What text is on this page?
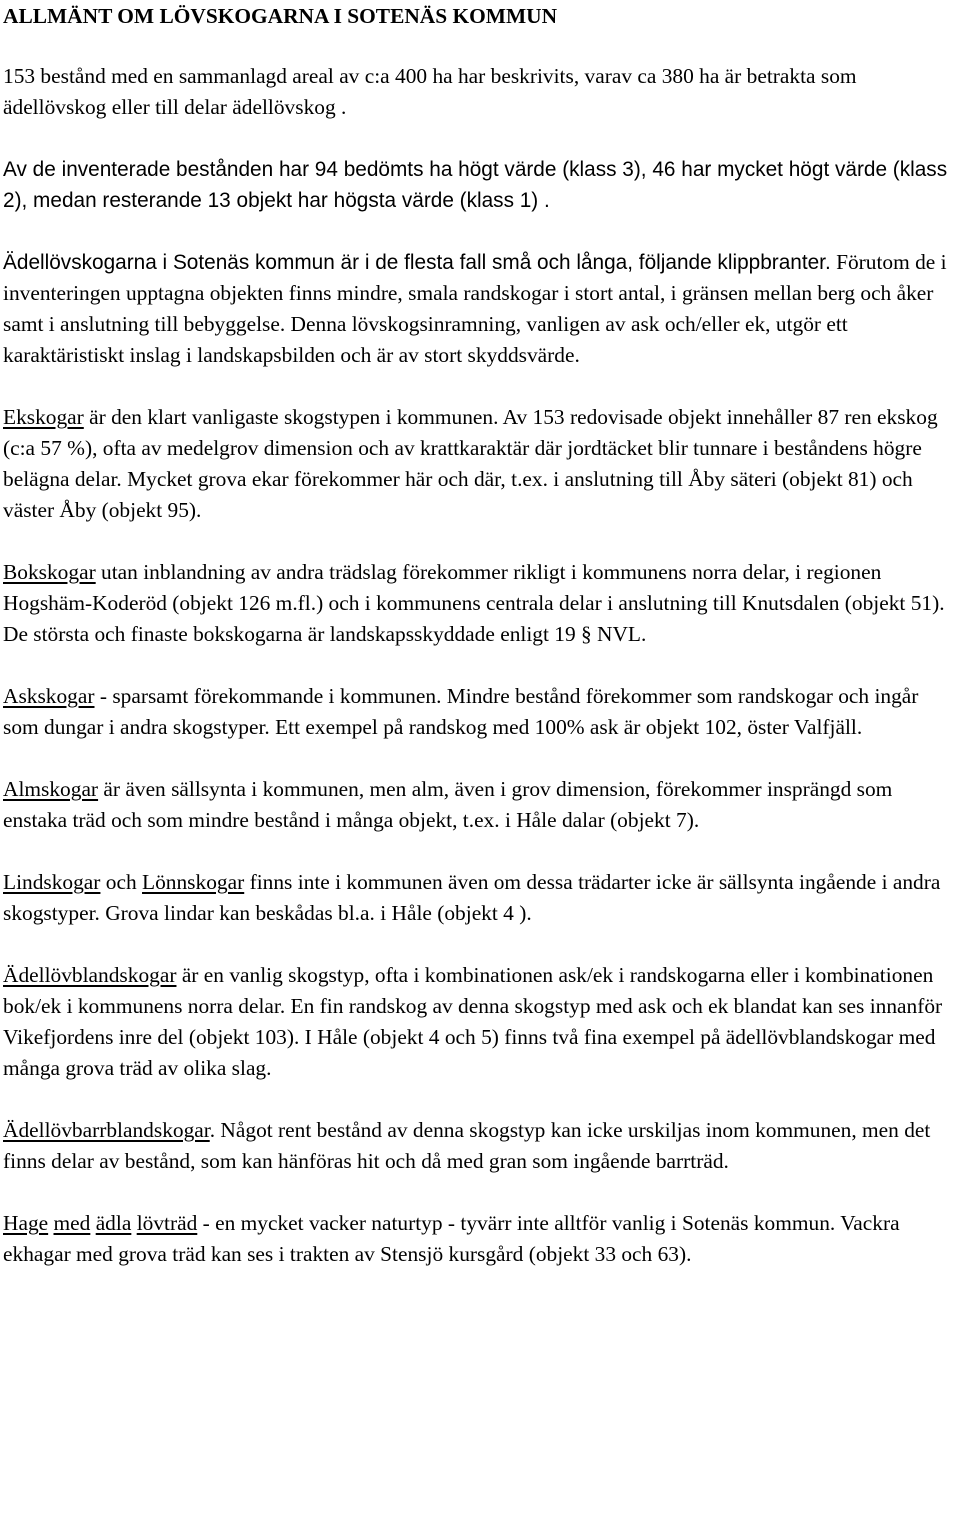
ALLMÄNT OM LÖVSKOGARNA I SOTENÄS KOMMUN

153 bestånd med en sammanlagd areal av c:a 400 ha har beskrivits, varav ca 380 ha är betrakta som ädellövskog eller till delar ädellövskog .

Av de inventerade bestånden har 94 bedömts ha högt värde (klass 3), 46 har mycket högt värde (klass 2), medan resterande 13 objekt har högsta värde (klass 1) .

Ädellövskogarna i Sotenäs kommun är i de flesta fall små och långa, följande klippbranter. Förutom de i inventeringen upptagna objekten finns mindre, smala randskogar i stort antal, i gränsen mellan berg och åker samt i anslutning till bebyggelse. Denna lövskogsinramning, vanligen av ask och/eller ek, utgör ett karaktäristiskt inslag i landskapsbilden och är av stort skyddsvärde.

Ekskogar är den klart vanligaste skogstypen i kommunen. Av 153 redovisade objekt innehåller 87 ren ekskog (c:a 57 %), ofta av medelgrov dimension och av krattkaraktär där jordtäcket blir tunnare i beståndens högre belägna delar. Mycket grova ekar förekommer här och där, t.ex. i anslutning till Åby säteri (objekt 81) och väster Åby (objekt 95).

Bokskogar utan inblandning av andra trädslag förekommer rikligt i kommunens norra delar, i regionen Hogshäm-Koderöd (objekt 126 m.fl.) och i kommunens centrala delar i anslutning till Knutsdalen (objekt 51). De största och finaste bokskogarna är landskapsskyddade enligt 19 § NVL.

Askskogar - sparsamt förekommande i kommunen. Mindre bestånd förekommer som randskogar och ingår som dungar i andra skogstyper. Ett exempel på randskog med 100% ask är objekt 102, öster Valfjäll.

Almskogar är även sällsynta i kommunen, men alm, även i grov dimension, förekommer insprängd som enstaka träd och som mindre bestånd i många objekt, t.ex. i Håle dalar (objekt 7).

Lindskogar och Lönnskogar finns inte i kommunen även om dessa trädarter icke är sällsynta ingående i andra skogstyper. Grova lindar kan beskådas bl.a. i Håle (objekt 4 ).

Ädellövblandskogar är en vanlig skogstyp, ofta i kombinationen ask/ek i randskogarna eller i kombinationen bok/ek i kommunens norra delar. En fin randskog av denna skogstyp med ask och ek blandat kan ses innanför Vikefjordens inre del (objekt 103). I Håle (objekt 4 och 5) finns två fina exempel på ädellövblandskogar med många grova träd av olika slag.

Ädellövbarrblandskogar. Något rent bestånd av denna skogstyp kan icke urskiljas inom kommunen, men det finns delar av bestånd, som kan hänföras hit och då med gran som ingående barrträd.

Hage med ädla lövträd - en mycket vacker naturtyp - tyvärr inte alltför vanlig i Sotenäs kommun. Vackra ekhagar med grova träd kan ses i trakten av Stensjö kursgård (objekt 33 och 63).
